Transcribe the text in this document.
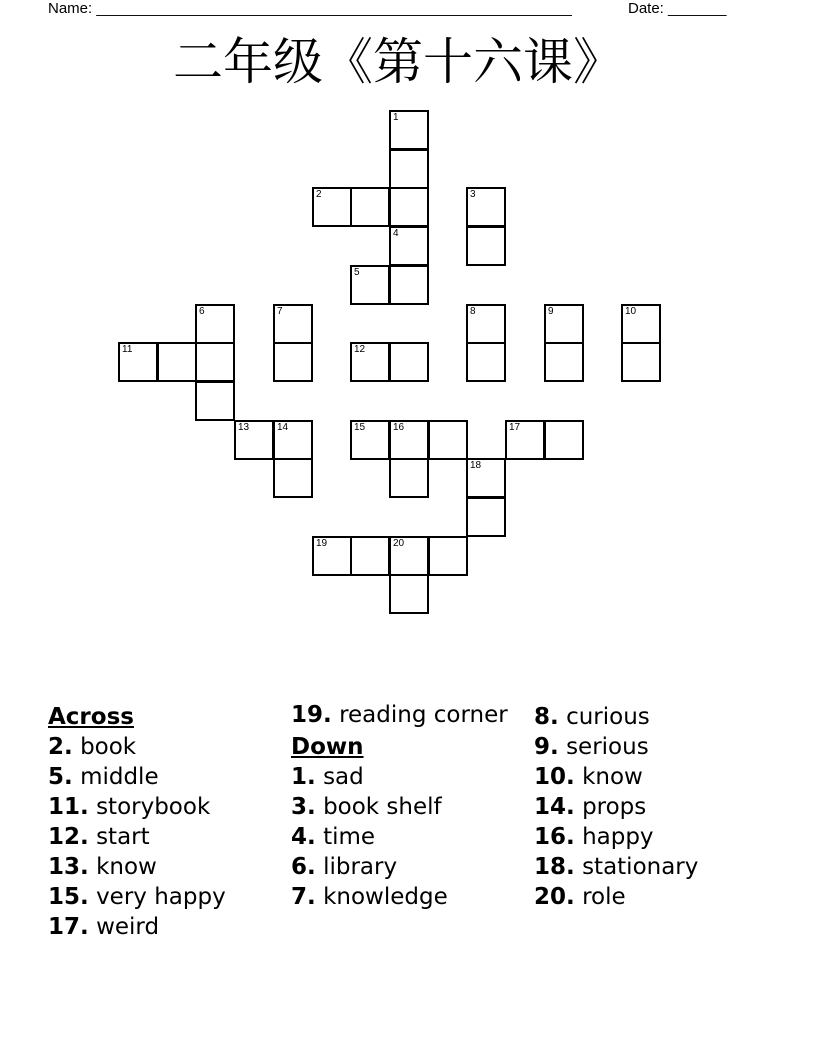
Name: _________________________________________________________	Date: _______
二年级《第十六课》
1
2	3
4
5
6	7	8	9	10
11	12
13	14	15	16	17
18
19	20
Across
2. book
5. middle
11. storybook
12. start
13. know
15. very happy
17. weird
19. reading corner
Down
1. sad
3. book shelf
4. time
6. library
7. knowledge
8. curious
9. serious
10. know
14. props
16. happy
18. stationary
20. role
